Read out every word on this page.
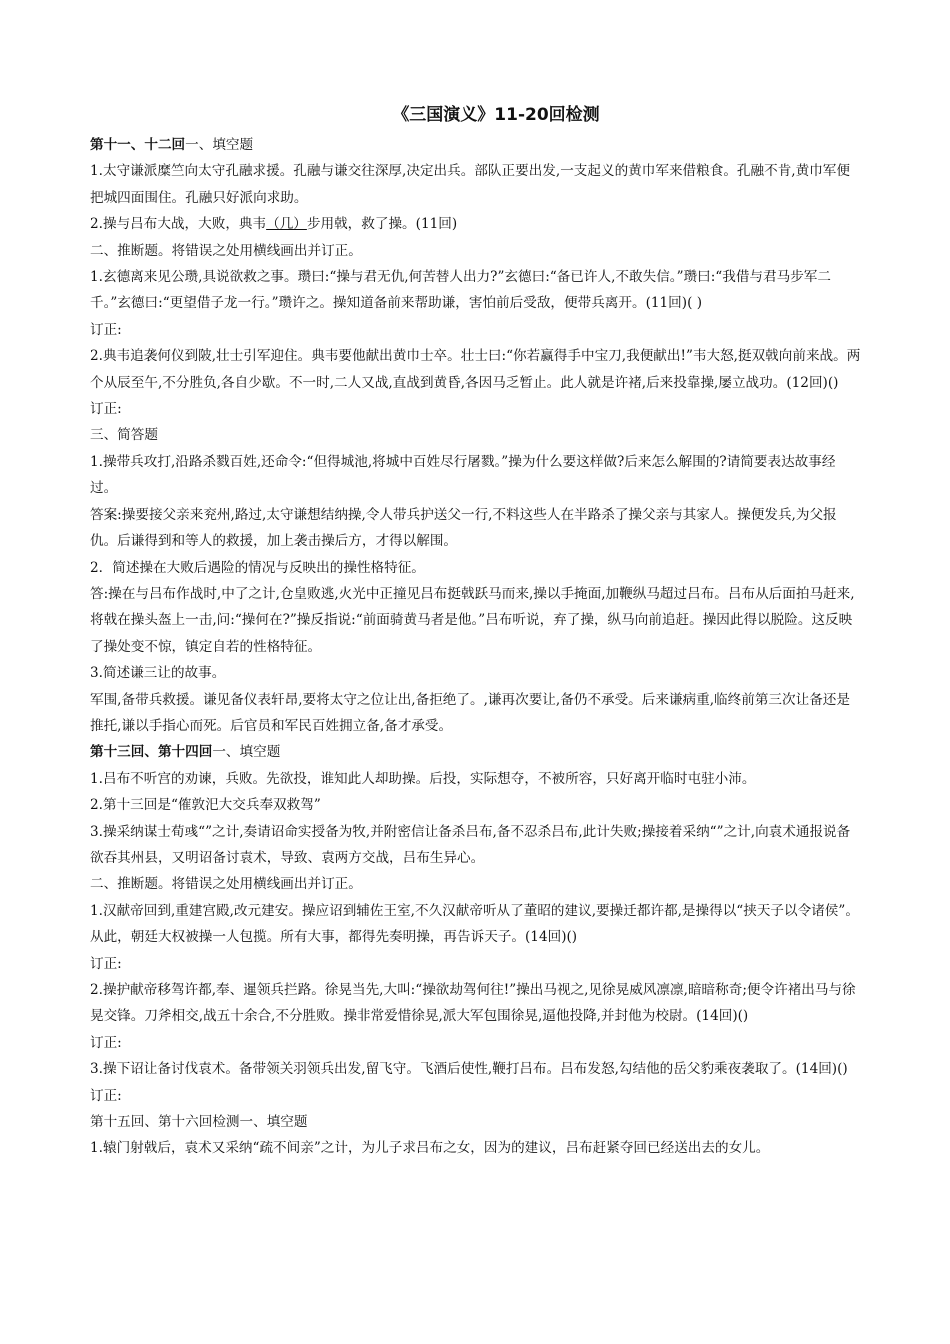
《三国演义》11-20回检测

第十一、十二回一、填空题

1.太守谦派糜竺向太守孔融求援。孔融与谦交往深厚,决定出兵。部队正要出发,一支起义的黄巾军来借粮食。孔融不肯,黄巾军便把城四面围住。孔融只好派向求助。

2.操与吕布大战，大败，典韦（几）步用戟，救了操。(11回)

二、推断题。将错误之处用横线画出并订正。

1.玄德离来见公瓒,具说欲救之事。瓒曰:“操与君无仇,何苦替人出力?”玄德曰:“备已许人,不敢失信。”瓒曰:“我借与君马步军二千。”玄德曰:“更望借子龙一行。”瓒许之。操知道备前来帮助谦，害怕前后受敌，便带兵离开。(11回)( )

订正:

2.典韦追袭何仪到陂,壮士引军迎住。典韦要他献出黄巾士卒。壮士曰:“你若赢得手中宝刀,我便献出!”韦大怒,挺双戟向前来战。两个从辰至午,不分胜负,各自少歇。不一时,二人又战,直战到黄昏,各因马乏暂止。此人就是许褚,后来投靠操,屡立战功。(12回)()

订正:

三、简答题

1.操带兵攻打,沿路杀戮百姓,还命令:“但得城池,将城中百姓尽行屠戮。”操为什么要这样做?后来怎么解围的?请简要表达故事经过。

答案:操要接父亲来兖州,路过,太守谦想结纳操,令人带兵护送父一行,不料这些人在半路杀了操父亲与其家人。操便发兵,为父报仇。后谦得到和等人的救援，加上袭击操后方，才得以解围。

2．简述操在大败后遇险的情况与反映出的操性格特征。

答:操在与吕布作战时,中了之计,仓皇败逃,火光中正撞见吕布挺戟跃马而来,操以手掩面,加鞭纵马超过吕布。吕布从后面拍马赶来,将戟在操头盔上一击,问:“操何在?”操反指说:“前面骑黄马者是他。”吕布听说，弃了操，纵马向前追赶。操因此得以脱险。这反映了操处变不惊，镇定自若的性格特征。

3.简述谦三让的故事。

军围,备带兵救援。谦见备仪表轩昂,要将太守之位让出,备拒绝了。,谦再次要让,备仍不承受。后来谦病重,临终前第三次让备还是推托,谦以手指心而死。后官员和军民百姓拥立备,备才承受。

第十三回、第十四回一、填空题

1.吕布不听宫的劝谏，兵败。先欲投，谁知此人却助操。后投，实际想夺，不被所容，只好离开临时屯驻小沛。

2.第十三回是“傕敦汜大交兵奉双救驾”

3.操采纳谋士荀彧“”之计,奏请诏命实授备为牧,并附密信让备杀吕布,备不忍杀吕布,此计失败;操接着采纳“”之计,向袁术通报说备欲吞其州县，又明诏备讨袁术，导致、袁两方交战，吕布生异心。

二、推断题。将错误之处用横线画出并订正。

1.汉献帝回到,重建宫殿,改元建安。操应诏到辅佐王室,不久汉献帝听从了董昭的建议,要操迁都许都,是操得以“挟天子以令诸侯”。从此，朝廷大权被操一人包揽。所有大事，都得先奏明操，再告诉天子。(14回)()

订正:

2.操护献帝移驾许都,奉、暹领兵拦路。徐晃当先,大叫:“操欲劫驾何往!”操出马视之,见徐晃威风凛凛,暗暗称奇;便令许褚出马与徐晃交锋。刀斧相交,战五十余合,不分胜败。操非常爱惜徐晃,派大军包围徐晃,逼他投降,并封他为校尉。(14回)()

订正:

3.操下诏让备讨伐袁术。备带领关羽领兵出发,留飞守。飞酒后使性,鞭打吕布。吕布发怒,勾结他的岳父豹乘夜袭取了。(14回)()

订正:

第十五回、第十六回检测一、填空题

1.辕门射戟后，袁术又采纳“疏不间亲”之计，为儿子求吕布之女，因为的建议，吕布赶紧夺回已经送出去的女儿。
